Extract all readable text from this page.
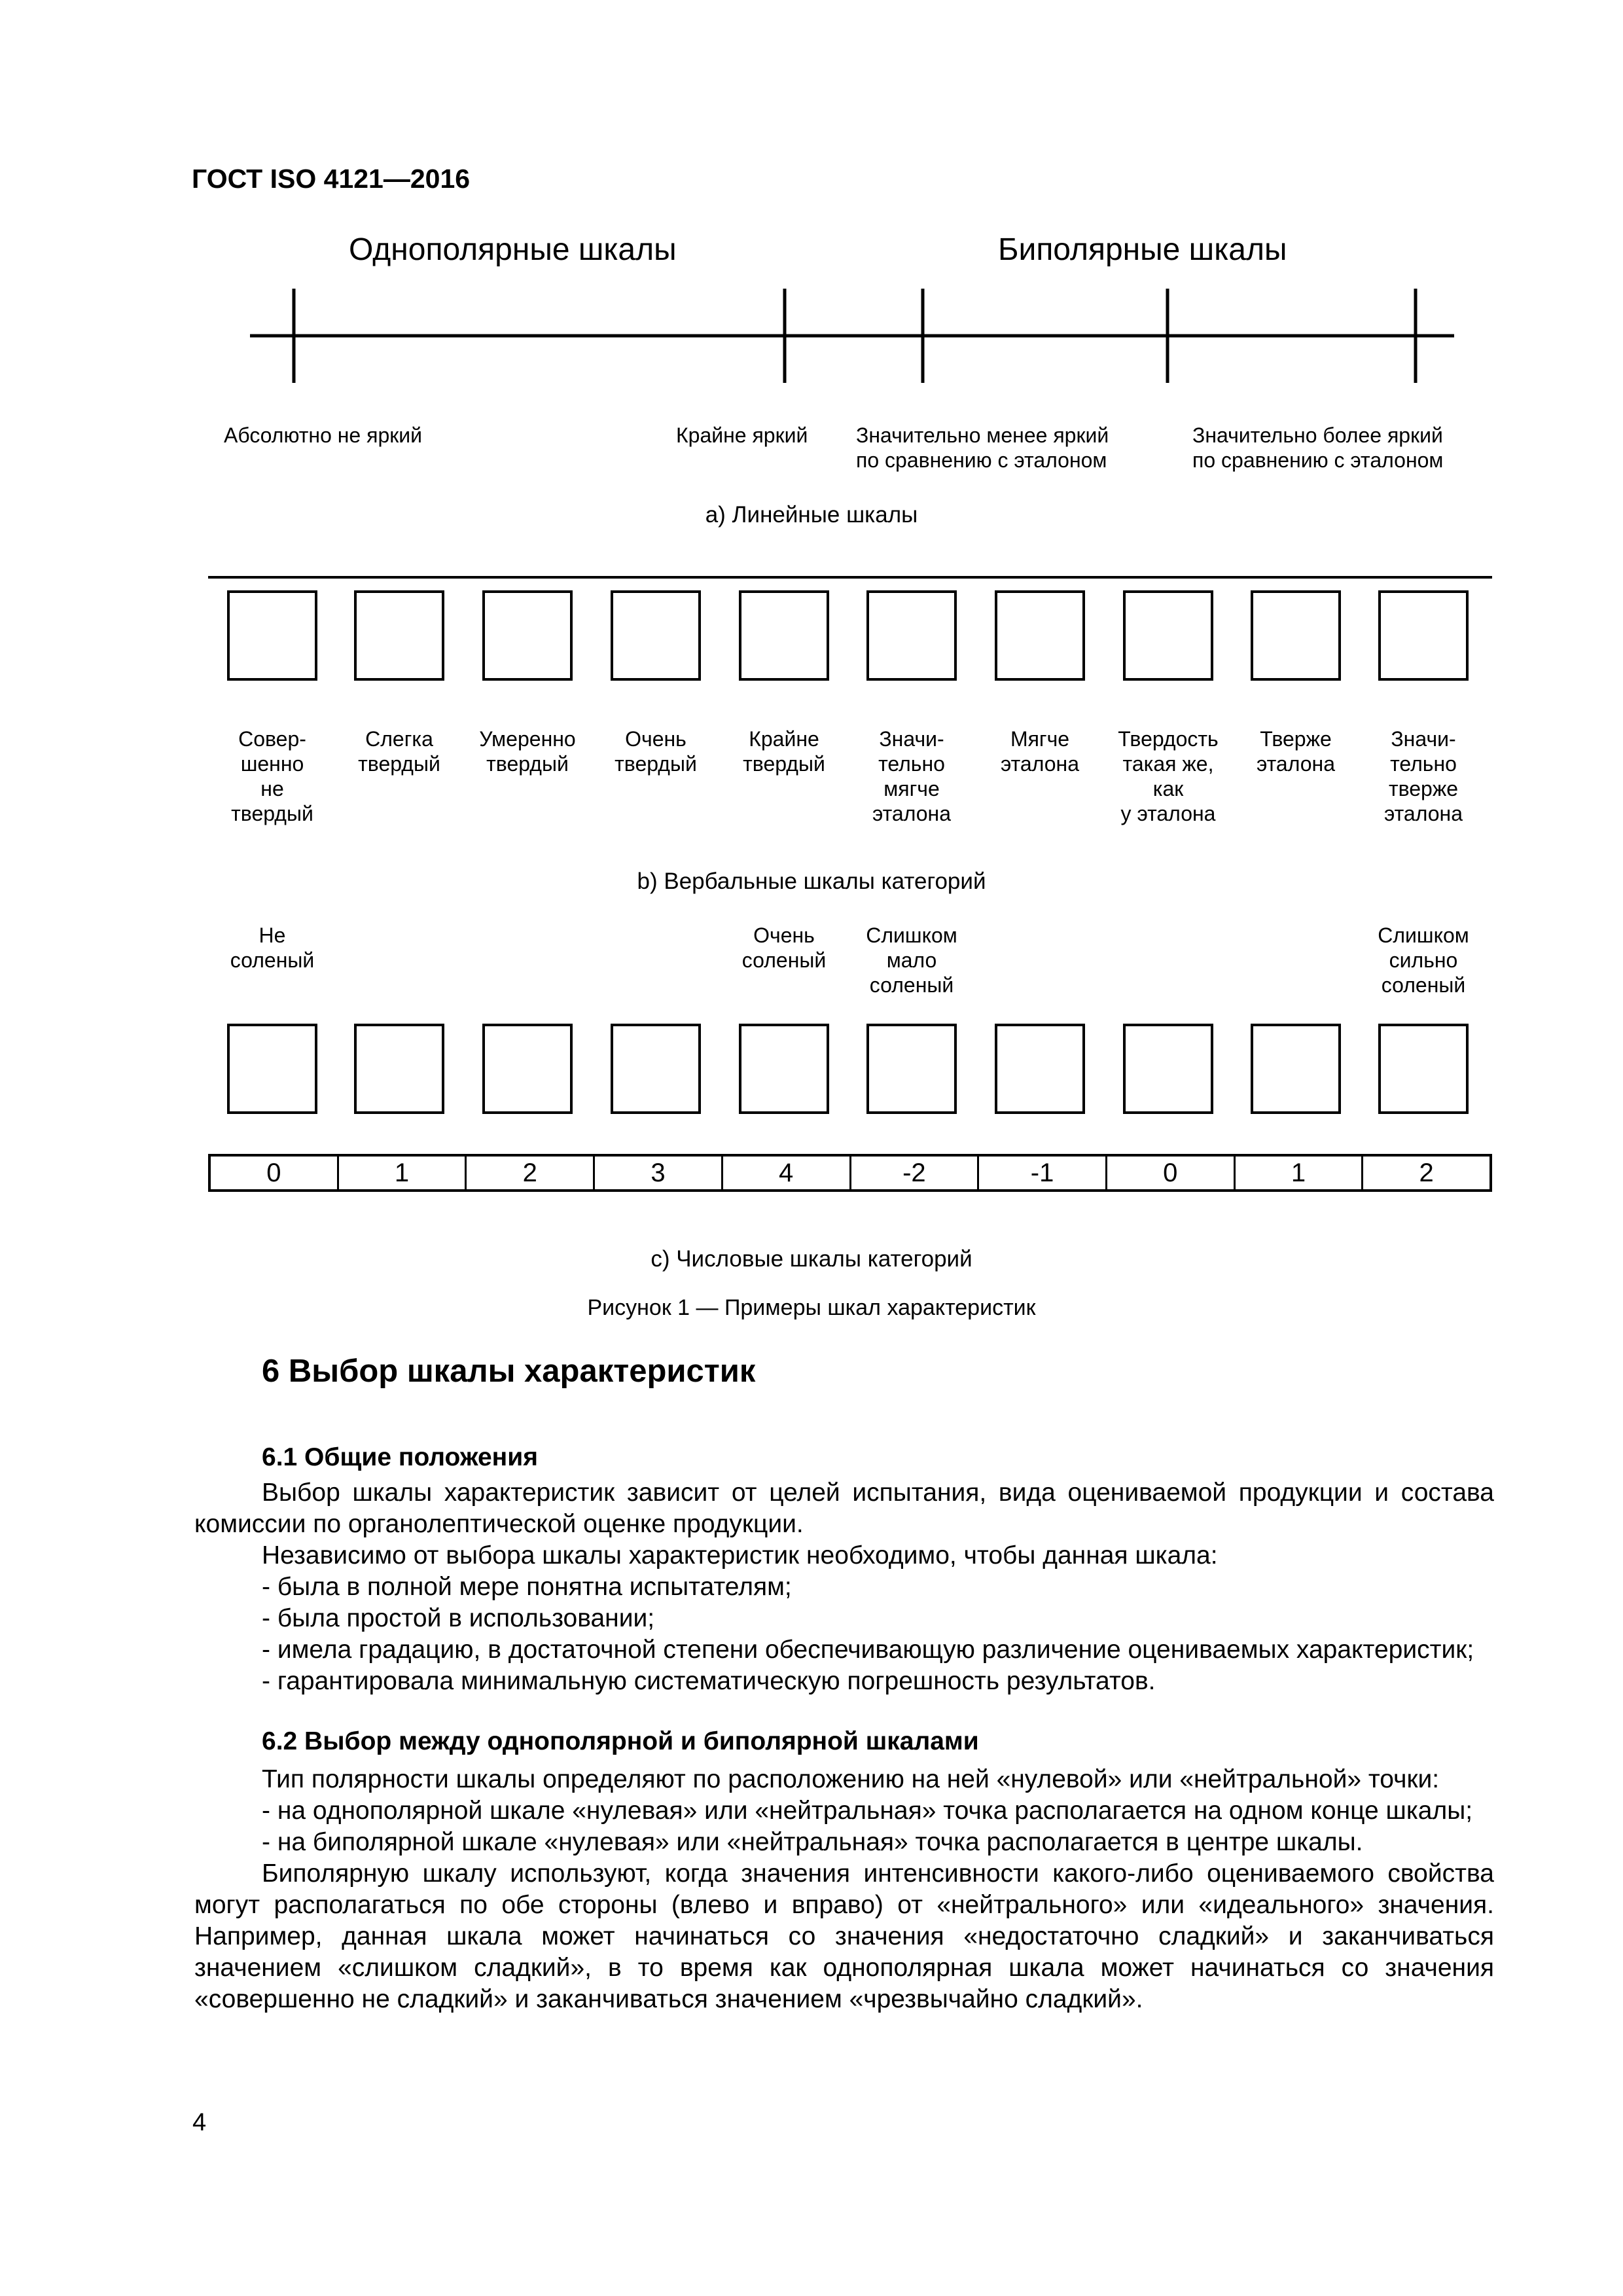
ГОСТ ISO 4121—2016
Однополярные шкалы	Биполярные шкалы
Абсолютно не яркий	Крайне яркий Значительно менее яркий
по сравнению с эталоном
Значительно более яркий
по сравнению с эталоном
a) Линейные шкалы
Совер-
шенно
не
твердый
Слегка
твердый
Умеренно
твердый
Очень
твердый
Крайне
твердый
Значи-
тельно
мягче
эталона
Мягче
эталона
Твердость
такая же,
как
у эталона
Тверже
эталона
Значи-
тельно
тверже
эталона
b) Вербальные шкалы категорий
Не
соленый
Очень
соленый
Слишком
мало
соленый
Слишком
сильно
соленый
0	1	2	3	4	-2	-1	0	1	2
c) Числовые шкалы категорий
Рисунок 1 — Примеры шкал характеристик
6 Выбор шкалы характеристик
6.1 Общие положения

Выбор шкалы характеристик зависит от целей испытания, вида оцениваемой продукции и состава комиссии по органолептической оценке продукции.

Независимо от выбора шкалы характеристик необходимо, чтобы данная шкала:

- была в полной мере понятна испытателям;

- была простой в использовании;

- имела градацию, в достаточной степени обеспечивающую различение оцениваемых характеристик;

- гарантировала минимальную систематическую погрешность результатов.

6.2 Выбор между однополярной и биполярной шкалами

Тип полярности шкалы определяют по расположению на ней «нулевой» или «нейтральной» точки:

- на однополярной шкале «нулевая» или «нейтральная» точка располагается на одном конце шкалы;

- на биполярной шкале «нулевая» или «нейтральная» точка располагается в центре шкалы.

Биполярную шкалу используют, когда значения интенсивности какого-либо оцениваемого свойства могут располагаться по обе стороны (влево и вправо) от «нейтрального» или «идеального» значения. Например, данная шкала может начинаться со значения «недостаточно сладкий» и заканчиваться значением «слишком сладкий», в то время как однополярная шкала может начинаться со значения «совершенно не сладкий» и заканчиваться значением «чрезвычайно сладкий».

4
